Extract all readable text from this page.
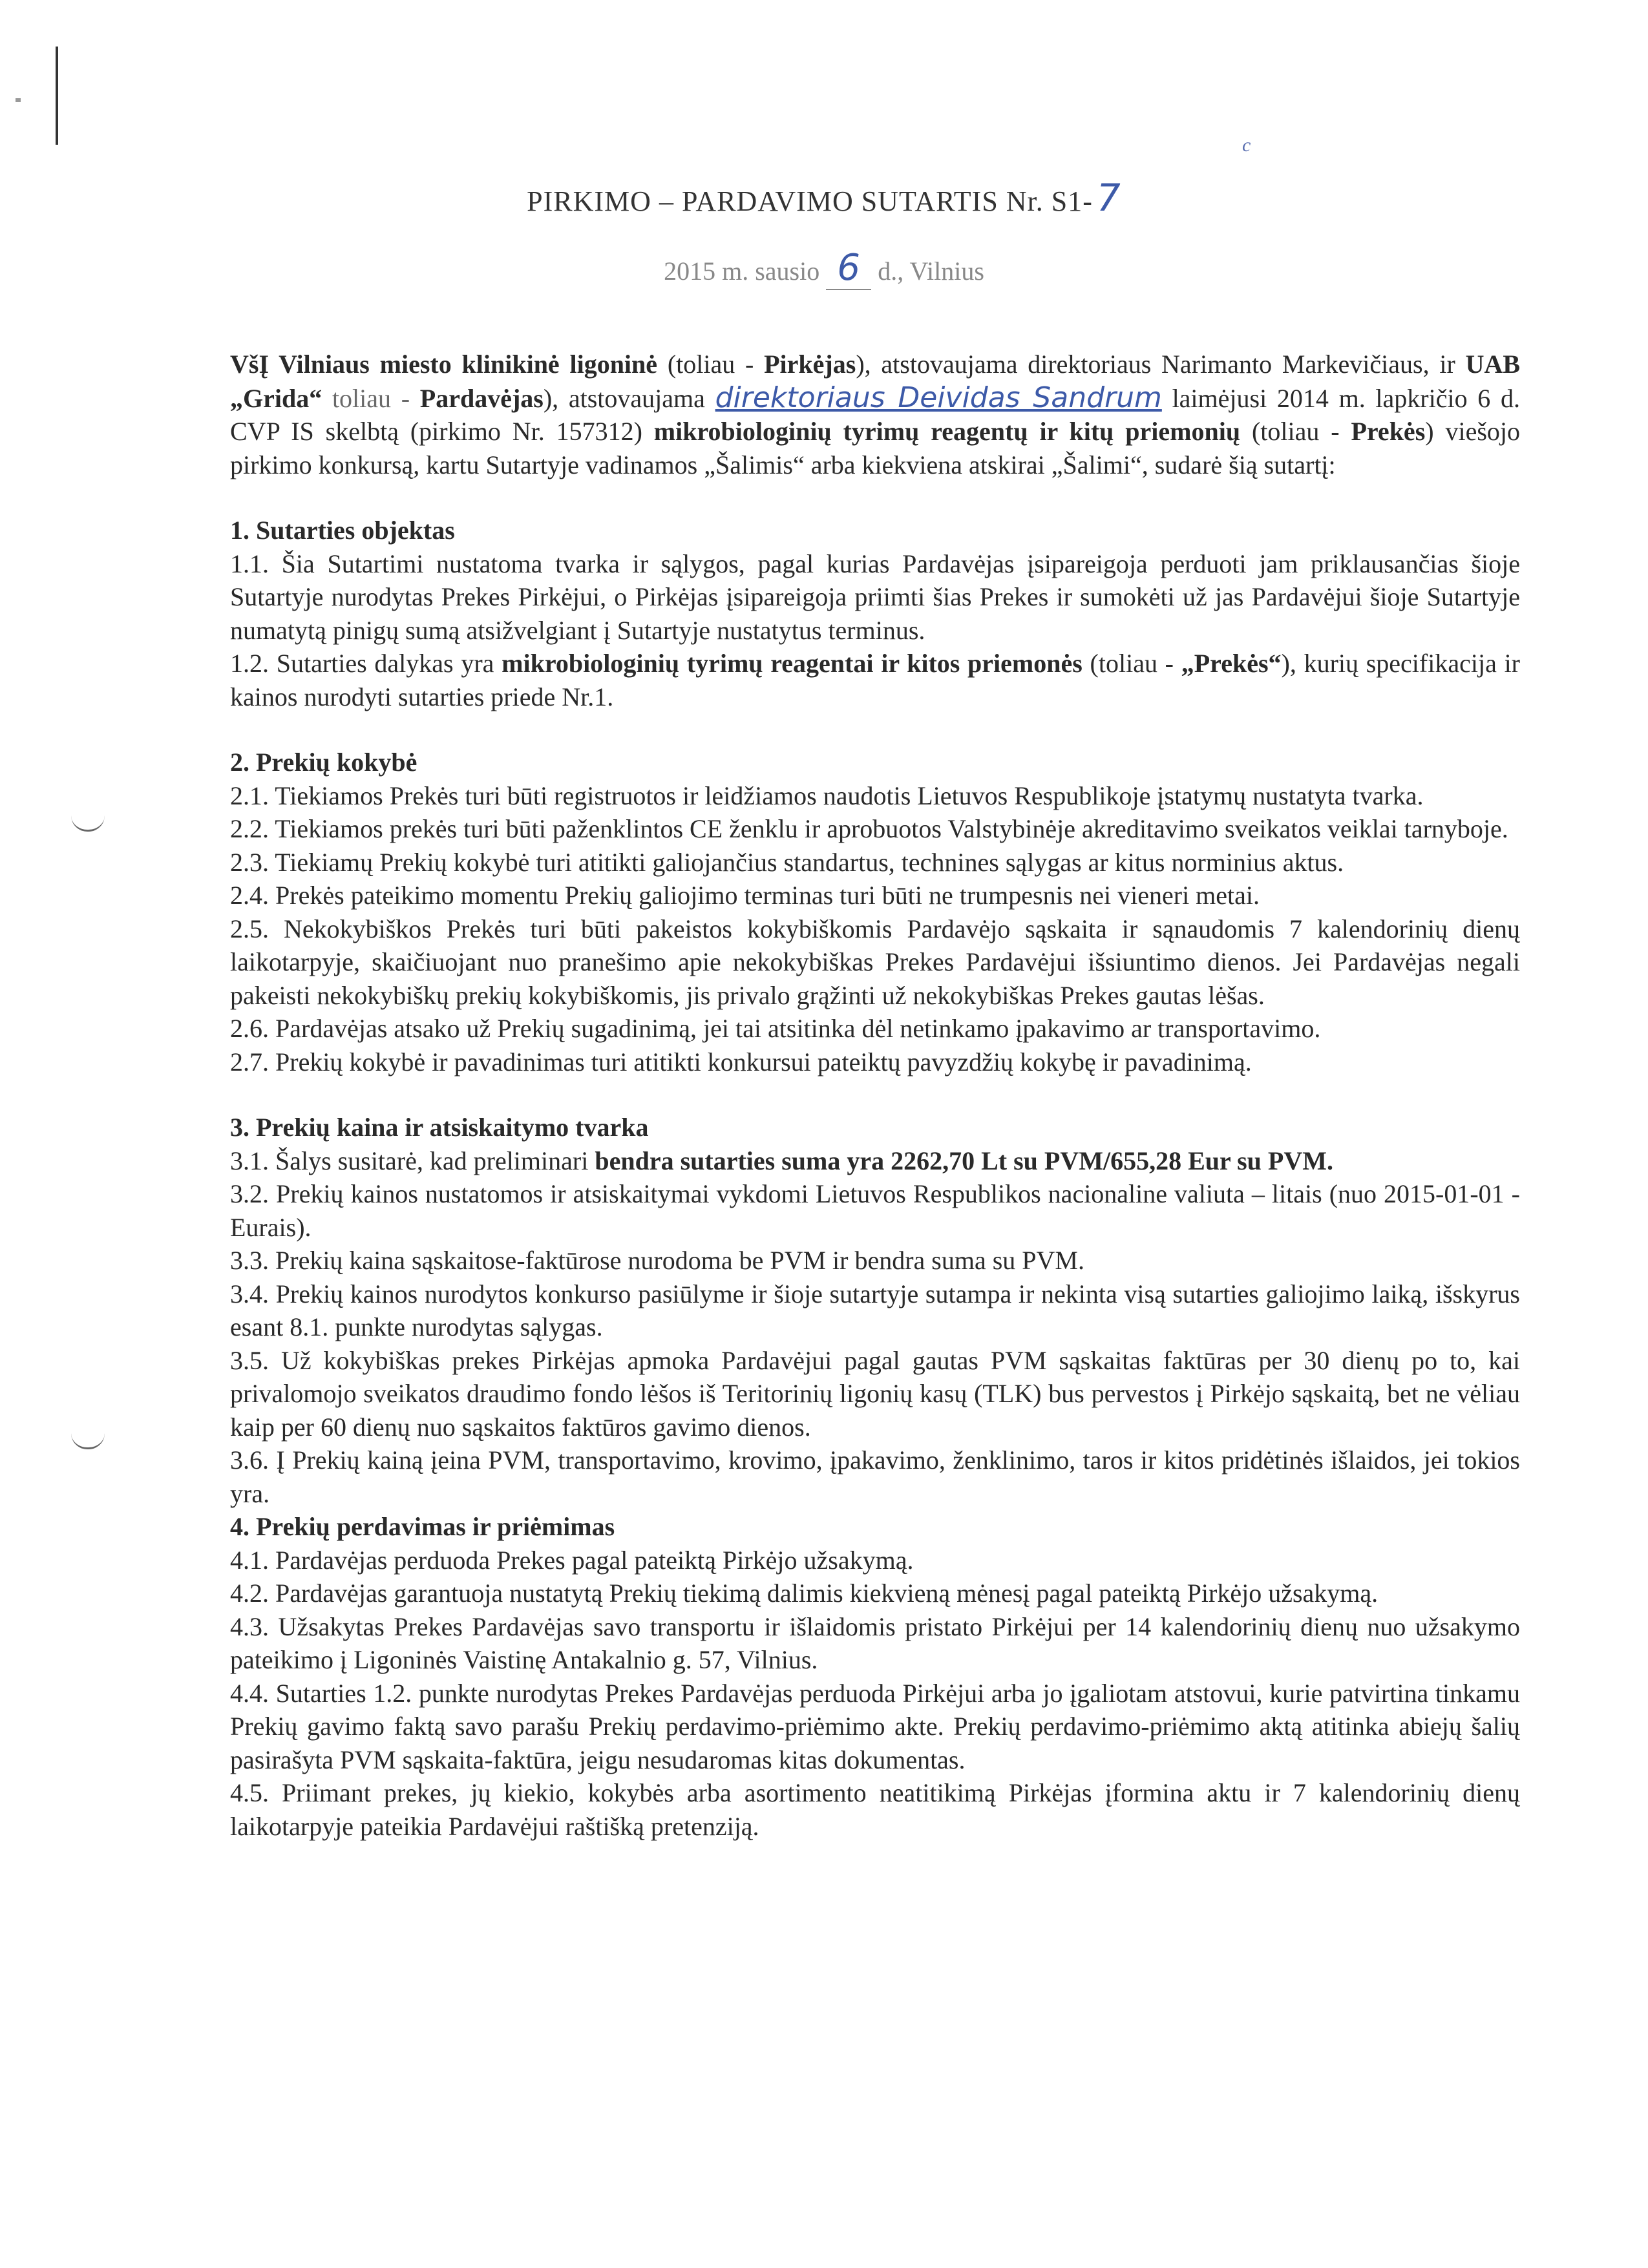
c
PIRKIMO – PARDAVIMO SUTARTIS Nr. S1- 7
2015 m. sausio 6 d., Vilnius

VšĮ Vilniaus miesto klinikinė ligoninė (toliau - Pirkėjas), atstovaujama direktoriaus Narimanto Markevičiaus, ir UAB „Grida“ toliau - Pardavėjas), atstovaujama direktoriaus Deividas Sandrum laimėjusi 2014 m. lapkričio 6 d. CVP IS skelbtą (pirkimo Nr. 157312) mikrobiologinių tyrimų reagentų ir kitų priemonių (toliau - Prekės) viešojo pirkimo konkursą, kartu Sutartyje vadinamos „Šalimis“ arba kiekviena atskirai „Šalimi“, sudarė šią sutartį:

1. Sutarties objektas

1.1. Šia Sutartimi nustatoma tvarka ir sąlygos, pagal kurias Pardavėjas įsipareigoja perduoti jam priklausančias šioje Sutartyje nurodytas Prekes Pirkėjui, o Pirkėjas įsipareigoja priimti šias Prekes ir sumokėti už jas Pardavėjui šioje Sutartyje numatytą pinigų sumą atsižvelgiant į Sutartyje nustatytus terminus.

1.2. Sutarties dalykas yra mikrobiologinių tyrimų reagentai ir kitos priemonės (toliau - „Prekės“), kurių specifikacija ir kainos nurodyti sutarties priede Nr.1.

2. Prekių kokybė

2.1. Tiekiamos Prekės turi būti registruotos ir leidžiamos naudotis Lietuvos Respublikoje įstatymų nustatyta tvarka.

2.2. Tiekiamos prekės turi būti paženklintos CE ženklu ir aprobuotos Valstybinėje akreditavimo sveikatos veiklai tarnyboje.

2.3. Tiekiamų Prekių kokybė turi atitikti galiojančius standartus, technines sąlygas ar kitus norminius aktus.

2.4. Prekės pateikimo momentu Prekių galiojimo terminas turi būti ne trumpesnis nei vieneri metai.

2.5. Nekokybiškos Prekės turi būti pakeistos kokybiškomis Pardavėjo sąskaita ir sąnaudomis 7 kalendorinių dienų laikotarpyje, skaičiuojant nuo pranešimo apie nekokybiškas Prekes Pardavėjui išsiuntimo dienos. Jei Pardavėjas negali pakeisti nekokybiškų prekių kokybiškomis, jis privalo grąžinti už nekokybiškas Prekes gautas lėšas.

2.6. Pardavėjas atsako už Prekių sugadinimą, jei tai atsitinka dėl netinkamo įpakavimo ar transportavimo.

2.7. Prekių kokybė ir pavadinimas turi atitikti konkursui pateiktų pavyzdžių kokybę ir pavadinimą.

3. Prekių kaina ir atsiskaitymo tvarka

3.1. Šalys susitarė, kad preliminari bendra sutarties suma yra 2262,70 Lt su PVM/655,28 Eur su PVM.

3.2. Prekių kainos nustatomos ir atsiskaitymai vykdomi Lietuvos Respublikos nacionaline valiuta – litais (nuo 2015-01-01 - Eurais).

3.3. Prekių kaina sąskaitose-faktūrose nurodoma be PVM ir bendra suma su PVM.

3.4. Prekių kainos nurodytos konkurso pasiūlyme ir šioje sutartyje sutampa ir nekinta visą sutarties galiojimo laiką, išskyrus esant 8.1. punkte nurodytas sąlygas.

3.5. Už kokybiškas prekes Pirkėjas apmoka Pardavėjui pagal gautas PVM sąskaitas faktūras per 30 dienų po to, kai privalomojo sveikatos draudimo fondo lėšos iš Teritorinių ligonių kasų (TLK) bus pervestos į Pirkėjo sąskaitą, bet ne vėliau kaip per 60 dienų nuo sąskaitos faktūros gavimo dienos.

3.6. Į Prekių kainą įeina PVM, transportavimo, krovimo, įpakavimo, ženklinimo, taros ir kitos pridėtinės išlaidos, jei tokios yra.

4. Prekių perdavimas ir priėmimas

4.1. Pardavėjas perduoda Prekes pagal pateiktą Pirkėjo užsakymą.

4.2. Pardavėjas garantuoja nustatytą Prekių tiekimą dalimis kiekvieną mėnesį pagal pateiktą Pirkėjo užsakymą.

4.3. Užsakytas Prekes Pardavėjas savo transportu ir išlaidomis pristato Pirkėjui per 14 kalendorinių dienų nuo užsakymo pateikimo į Ligoninės Vaistinę Antakalnio g. 57, Vilnius.

4.4. Sutarties 1.2. punkte nurodytas Prekes Pardavėjas perduoda Pirkėjui arba jo įgaliotam atstovui, kurie patvirtina tinkamu Prekių gavimo faktą savo parašu Prekių perdavimo-priėmimo akte. Prekių perdavimo-priėmimo aktą atitinka abiejų šalių pasirašyta PVM sąskaita-faktūra, jeigu nesudaromas kitas dokumentas.

4.5. Priimant prekes, jų kiekio, kokybės arba asortimento neatitikimą Pirkėjas įformina aktu ir 7 kalendorinių dienų laikotarpyje pateikia Pardavėjui raštišką pretenziją.
